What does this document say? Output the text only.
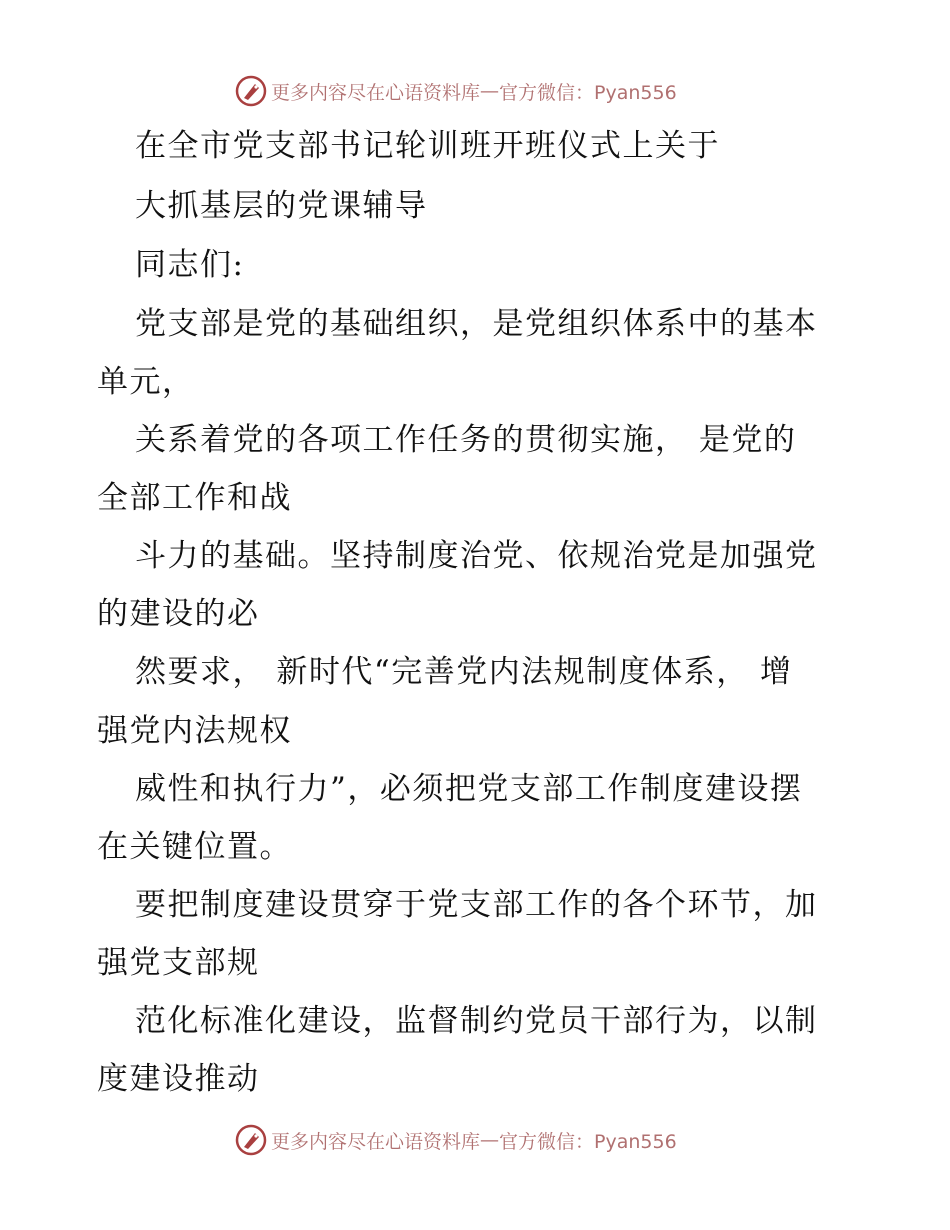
更多内容尽在心语资料库 — 官方微信：Pyan556
在全市党支部书记轮训班开班仪式上关于
大抓基层的党课辅导
同志们:
党支部是党的基础组织，是党组织体系中的基本
单元，
关系着党的各项工作任务的贯彻实施， 是党的
全部工作和战
斗力的基础。坚持制度治党、依规治党是加强党
的建设的必
然要求， 新时代“完善党内法规制度体系， 增
强党内法规权
威性和执行力”，必须把党支部工作制度建设摆
在关键位置。
要把制度建设贯穿于党支部工作的各个环节，加
强党支部规
范化标准化建设，监督制约党员干部行为，以制
度建设推动
更多内容尽在心语资料库 — 官方微信：Pyan556
